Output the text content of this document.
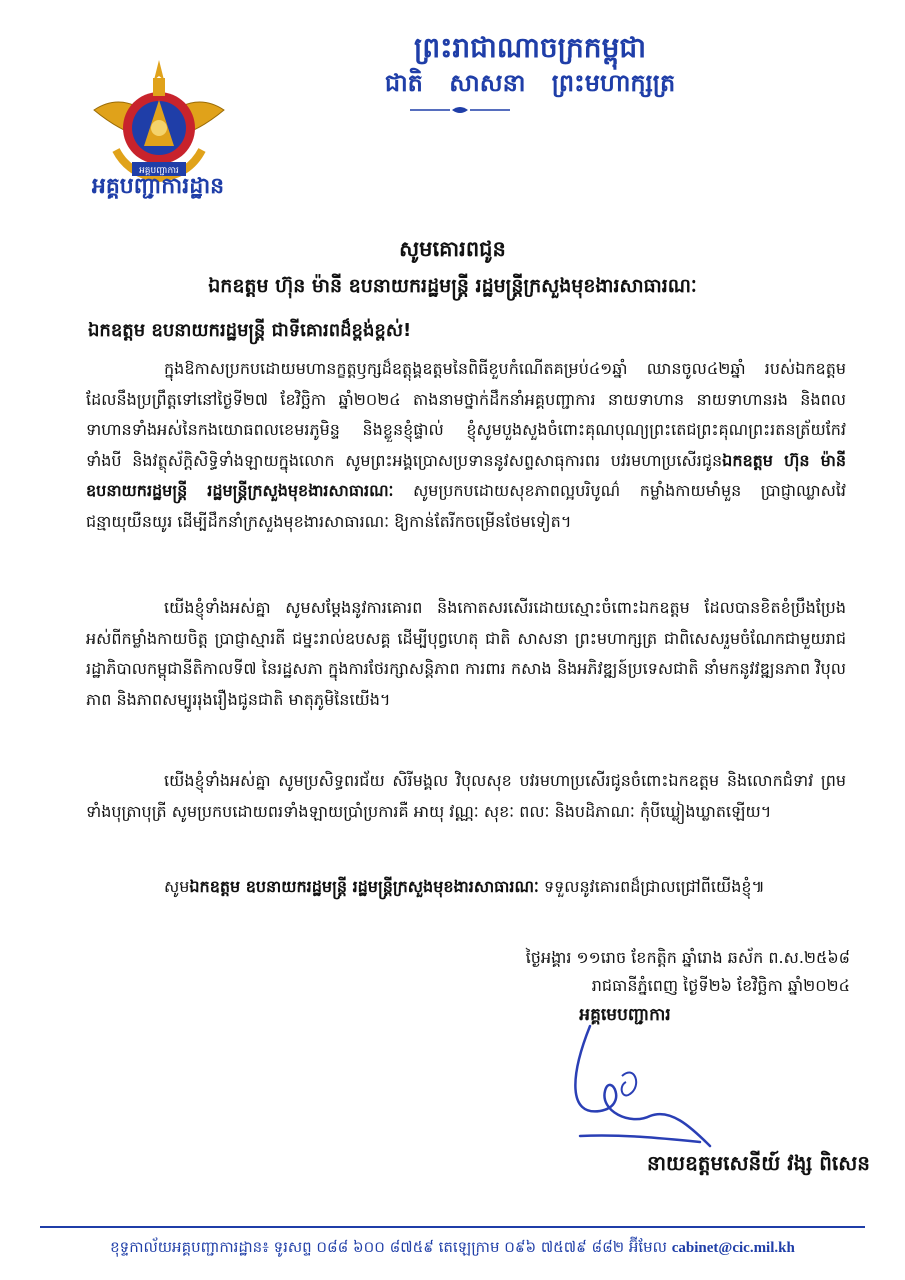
អគ្គបញ្ជាការ
អគ្គបញ្ជាការដ្ឋាន
ព្រះរាជាណាចក្រកម្ពុជា
ជាតិ សាសនា ព្រះមហាក្សត្រ
សូមគោរពជូន
ឯកឧត្តម ហ៊ុន ម៉ានី ឧបនាយករដ្ឋមន្ត្រី រដ្ឋមន្ត្រីក្រសួងមុខងារសាធារណៈ
ឯកឧត្តម ឧបនាយករដ្ឋមន្ត្រី ជាទីគោរពដ៏ខ្ពង់ខ្ពស់!
ក្នុងឱកាសប្រកបដោយមហានក្ខត្តឫក្សដ៏ឧត្តុង្គឧត្តមនៃពិធីខួបកំណើតគម្រប់៤១ឆ្នាំ ឈានចូល៤២ឆ្នាំ របស់ឯកឧត្តម ដែលនឹងប្រព្រឹត្តទៅនៅថ្ងៃទី២៧ ខែវិច្ឆិកា ឆ្នាំ២០២៤ តាងនាមថ្នាក់ដឹកនាំអគ្គបញ្ជាការ នាយទាហាន នាយទាហានរង និងពលទាហានទាំងអស់នៃកងយោធពលខេមរភូមិន្ទ និងខ្លួនខ្ញុំផ្ទាល់ ខ្ញុំសូមបួងសួងចំពោះគុណបុណ្យព្រះតេជព្រះគុណព្រះរតនត្រ័យកែវទាំងបី និងវត្ថុស័ក្តិសិទ្ធិទាំងឡាយក្នុងលោក សូមព្រះអង្គប្រោសប្រទាននូវសព្ទសាធុការពរ បវរមហាប្រសើរជូនឯកឧត្តម ហ៊ុន ម៉ានី ឧបនាយករដ្ឋមន្ត្រី រដ្ឋមន្ត្រីក្រសួងមុខងារសាធារណៈ សូមប្រកបដោយសុខភាពល្អបរិបូណ៌ កម្លាំងកាយមាំមួន ប្រាជ្ញាឈ្លាសវៃ ជន្មាយុយឺនយូរ ដើម្បីដឹកនាំក្រសួងមុខងារសាធារណៈ ឱ្យកាន់តែរីកចម្រើនថែមទៀត។
យើងខ្ញុំទាំងអស់គ្នា សូមសម្តែងនូវការគោរព និងកោតសរសើរដោយស្មោះចំពោះឯកឧត្តម ដែលបានខិតខំប្រឹងប្រែងអស់ពីកម្លាំងកាយចិត្ត ប្រាជ្ញាស្មារតី ជម្នះរាល់ឧបសគ្គ ដើម្បីបុព្វហេតុ ជាតិ សាសនា ព្រះមហាក្សត្រ ជាពិសេសរួមចំណែកជាមួយរាជរដ្ឋាភិបាលកម្ពុជានីតិកាលទី៧ នៃរដ្ឋសភា ក្នុងការថែរក្សាសន្តិភាព ការពារ កសាង និងអភិវឌ្ឍន៍ប្រទេសជាតិ នាំមកនូវវឌ្ឍនភាព វិបុលភាព និងភាពសម្បូររុងរឿងជូនជាតិ មាតុភូមិនៃយើង។
យើងខ្ញុំទាំងអស់គ្នា សូមប្រសិទ្ធពរជ័យ សិរីមង្គល វិបុលសុខ បវរមហាប្រសើរជូនចំពោះឯកឧត្តម និងលោកជំទាវ ព្រមទាំងបុត្រាបុត្រី សូមប្រកបដោយពរទាំងឡាយប្រាំប្រការគឺ អាយុ វណ្ណៈ សុខៈ ពលៈ និងបដិភាណៈ កុំបីឃ្លៀងឃ្លាតឡើយ។
សូមឯកឧត្តម ឧបនាយករដ្ឋមន្ត្រី រដ្ឋមន្ត្រីក្រសួងមុខងារសាធារណៈ ទទួលនូវគោរពដ៏ជ្រាលជ្រៅពីយើងខ្ញុំ៕
ថ្ងៃអង្គារ ១១រោច ខែកត្តិក ឆ្នាំរោង ឆស័ក ព.ស.២៥៦៨
រាជធានីភ្នំពេញ ថ្ងៃទី២៦ ខែវិច្ឆិកា ឆ្នាំ២០២៤
អគ្គមេបញ្ជាការ
នាយឧត្តមសេនីយ៍ វង្ស ពិសេន
ខុទ្ទកាល័យអគ្គបញ្ជាការដ្ឋាន៖ ទូរសព្ទ ០៨៨ ៦០០ ៨៧៥៩ តេឡេក្រាម ០៩៦ ៧៥៧៩ ៨៨២ អ៊ីមែល cabinet@cic.mil.kh
